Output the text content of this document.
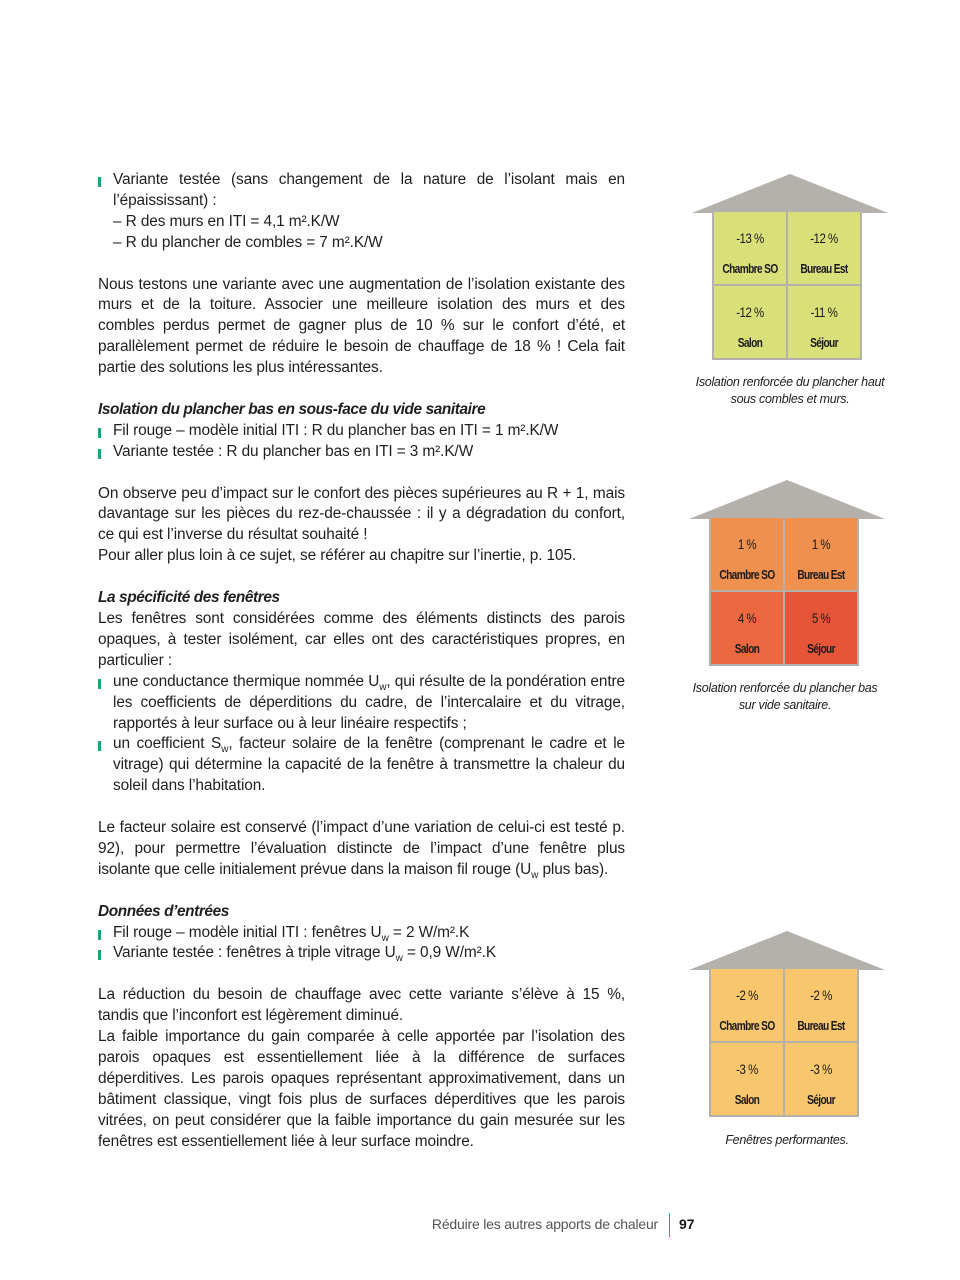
Variante testée (sans changement de la nature de l’isolant mais en l’épaississant) :

– R des murs en ITI = 4,1 m².K/W

– R du plancher de combles = 7 m².K/W

Nous testons une variante avec une augmentation de l’isolation existante des murs et de la toiture. Associer une meilleure isolation des murs et des combles perdus permet de gagner plus de 10 % sur le confort d’été, et parallèlement permet de réduire le besoin de chauffage de 18 % ! Cela fait partie des solutions les plus intéressantes.

Isolation du plancher bas en sous-face du vide sanitaire

Fil rouge – modèle initial ITI : R du plancher bas en ITI = 1 m².K/W

Variante testée : R du plancher bas en ITI = 3 m².K/W

On observe peu d’impact sur le confort des pièces supérieures au R + 1, mais davantage sur les pièces du rez-de-chaussée : il y a dégradation du confort, ce qui est l’inverse du résultat souhaité !

Pour aller plus loin à ce sujet, se référer au chapitre sur l’inertie, p. 105.

La spécificité des fenêtres

Les fenêtres sont considérées comme des éléments distincts des parois opaques, à tester isolément, car elles ont des caractéristiques propres, en particulier :

une conductance thermique nommée $U_w$, qui résulte de la pondération entre les coefficients de déperditions du cadre, de l’intercalaire et du vitrage, rapportés à leur surface ou à leur linéaire respectifs ;

un coefficient $S_w$, facteur solaire de la fenêtre (comprenant le cadre et le vitrage) qui détermine la capacité de la fenêtre à transmettre la chaleur du soleil dans l’habitation.

Le facteur solaire est conservé (l’impact d’une variation de celui-ci est testé p. 92), pour permettre l’évaluation distincte de l’impact d’une fenêtre plus isolante que celle initialement prévue dans la maison fil rouge ($U_w$ plus bas).

Données d’entrées

Fil rouge – modèle initial ITI : fenêtres $U_w = 2$ W/m².K

Variante testée : fenêtres à triple vitrage $U_w = 0,9$ W/m².K

La réduction du besoin de chauffage avec cette variante s’élève à 15 %, tandis que l’inconfort est légèrement diminué.

La faible importance du gain comparée à celle apportée par l’isolation des parois opaques est essentiellement liée à la différence de surfaces déperditives. Les parois opaques représentant approximativement, dans un bâtiment classique, vingt fois plus de surfaces déperditives que les parois vitrées, on peut considérer que la faible importance du gain mesurée sur les fenêtres est essentiellement liée à leur surface moindre.

-13 %
Chambre SO
-12 %
Bureau Est
-12 %
Salon
-11 %
Séjour
Isolation renforcée du plancher haut sous combles et murs.
1 %
Chambre SO
1 %
Bureau Est
4 %
Salon
5 %
Séjour
Isolation renforcée du plancher bas sur vide sanitaire.
-2 %
Chambre SO
-2 %
Bureau Est
-3 %
Salon
-3 %
Séjour
Fenêtres performantes.
Réduire les autres apports de chaleur 97
